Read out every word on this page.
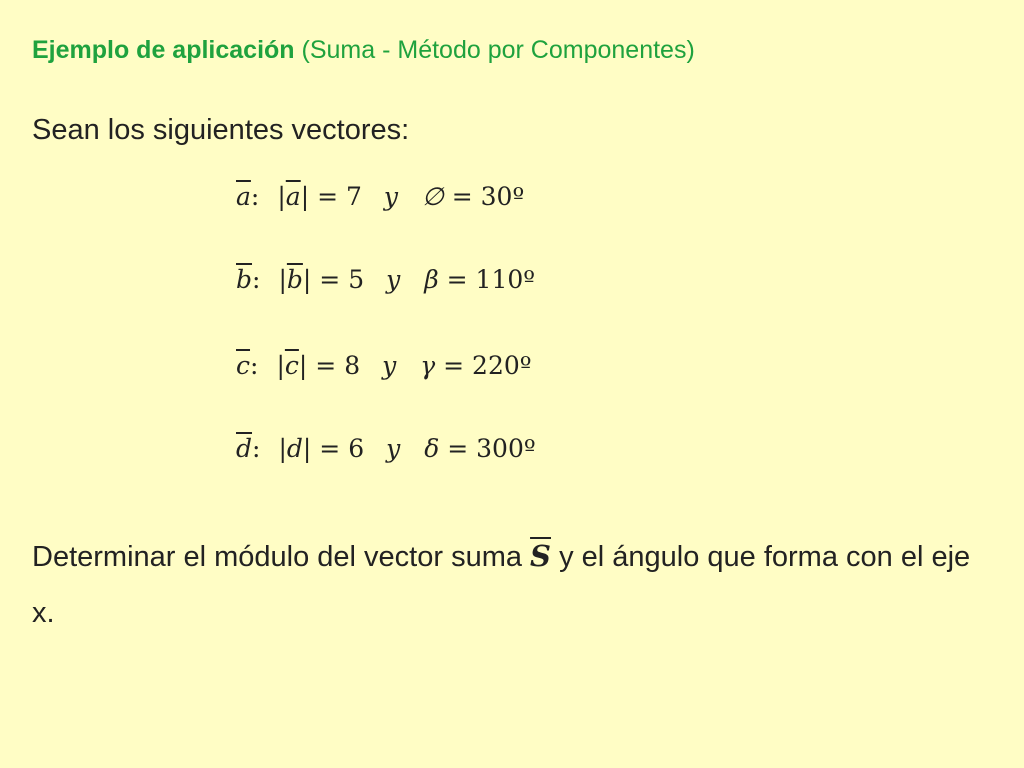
Ejemplo de aplicación (Suma - Método por Componentes)
Sean los siguientes vectores:
$\overline{a}$: $|\overline{a}| = 7$ y ∅ = 30º
$\overline{b}$: $|\overline{b}| = 5$ y β = 110º
$\overline{c}$: $|\overline{c}| = 8$ y γ = 220º
$\overline{d}$: |d| = 6 y δ = 300º
Determinar el módulo del vector suma $\overline{S}$ y el ángulo que forma con el eje x.
